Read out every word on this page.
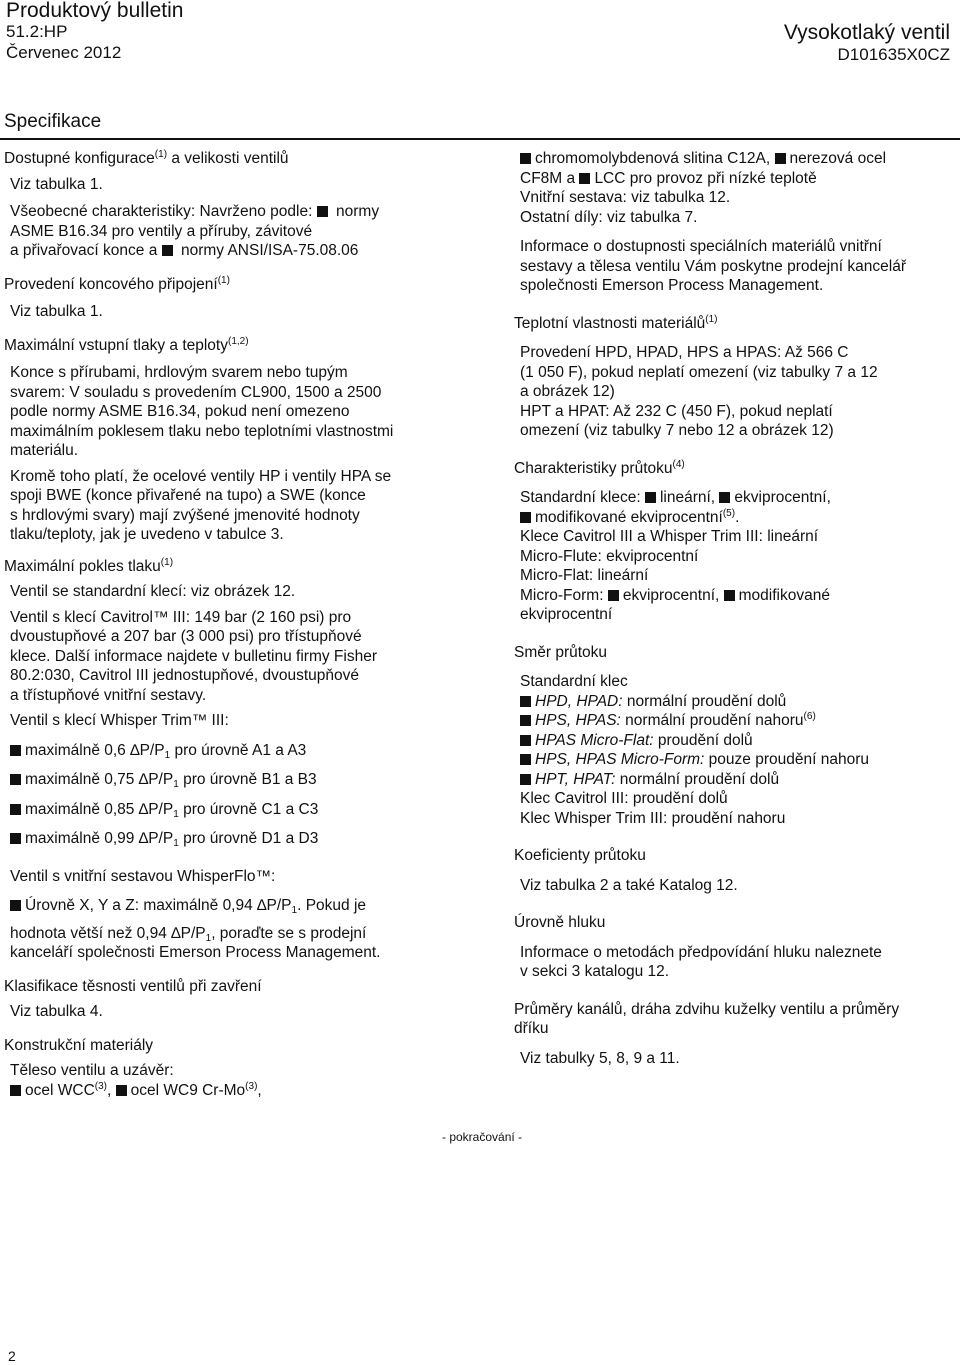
Produktový bulletin
51.2:HP
Červenec 2012
Vysokotlaký ventil
D101635X0CZ
Specifikace

Dostupné konfigurace$^{(1)}$ a velikosti ventilů

Viz tabulka 1.

Všeobecné charakteristiky: Navrženo podle:  normy

ASME B16.34 pro ventily a příruby, závitové

a přivařovací konce a  normy ANSI/ISA-75.08.06

Provedení koncového připojení$^{(1)}$

Viz tabulka 1.

Maximální vstupní tlaky a teploty$^{(1,2)}$

Konce s přírubami, hrdlovým svarem nebo tupým

svarem: V souladu s provedením CL900, 1500 a 2500

podle normy ASME B16.34, pokud není omezeno

maximálním poklesem tlaku nebo teplotními vlastnostmi

materiálu.

Kromě toho platí, že ocelové ventily HP i ventily HPA se

spoji BWE (konce přivařené na tupo) a SWE (konce

s hrdlovými svary) mají zvýšené jmenovité hodnoty

tlaku/teploty, jak je uvedeno v tabulce 3.

Maximální pokles tlaku$^{(1)}$

Ventil se standardní klecí: viz obrázek 12.

Ventil s klecí Cavitrol™ III: 149 bar (2 160 psi) pro

dvoustupňové a 207 bar (3 000 psi) pro třístupňové

klece. Další informace najdete v bulletinu firmy Fisher

80.2:030, Cavitrol III jednostupňové, dvoustupňové

a třístupňové vnitřní sestavy.

Ventil s klecí Whisper Trim™ III:

maximálně 0,6 $\Delta P/P_1$ pro úrovně A1 a A3

maximálně 0,75 $\Delta P/P_1$ pro úrovně B1 a B3

maximálně 0,85 $\Delta P/P_1$ pro úrovně C1 a C3

maximálně 0,99 $\Delta P/P_1$ pro úrovně D1 a D3

Ventil s vnitřní sestavou WhisperFlo™:

Úrovně X, Y a Z: maximálně 0,94 $\Delta P/P_1$. Pokud je

hodnota větší než 0,94 $\Delta P/P_1$, poraďte se s prodejní

kanceláří společnosti Emerson Process Management.

Klasifikace těsnosti ventilů při zavření

Viz tabulka 4.

Konstrukční materiály

Těleso ventilu a uzávěr:

ocel WCC$^{(3)}$, ocel WC9 Cr-Mo$^{(3)}$,

chromomolybdenová slitina C12A, nerezová ocel

CF8M a LCC pro provoz při nízké teplotě

Vnitřní sestava: viz tabulka 12.

Ostatní díly: viz tabulka 7.

Informace o dostupnosti speciálních materiálů vnitřní

sestavy a tělesa ventilu Vám poskytne prodejní kancelář

společnosti Emerson Process Management.

Teplotní vlastnosti materiálů$^{(1)}$

Provedení HPD, HPAD, HPS a HPAS: Až 566 C

(1 050 F), pokud neplatí omezení (viz tabulky 7 a 12

a obrázek 12)

HPT a HPAT: Až 232 C (450 F), pokud neplatí

omezení (viz tabulky 7 nebo 12 a obrázek 12)

Charakteristiky průtoku$^{(4)}$

Standardní klece: lineární, ekviprocentní,

modifikované ekviprocentní$^{(5)}$.

Klece Cavitrol III a Whisper Trim III: lineární

Micro-Flute: ekviprocentní

Micro-Flat: lineární

Micro-Form: ekviprocentní, modifikované

ekviprocentní

Směr průtoku

Standardní klec

HPD, HPAD: normální proudění dolů

HPS, HPAS: normální proudění nahoru$^{(6)}$

HPAS Micro-Flat: proudění dolů

HPS, HPAS Micro-Form: pouze proudění nahoru

HPT, HPAT: normální proudění dolů

Klec Cavitrol III: proudění dolů

Klec Whisper Trim III: proudění nahoru

Koeficienty průtoku

Viz tabulka 2 a také Katalog 12.

Úrovně hluku

Informace o metodách předpovídání hluku naleznete

v sekci 3 katalogu 12.

Průměry kanálů, dráha zdvihu kuželky ventilu a průměry

dříku

Viz tabulky 5, 8, 9 a 11.

- pokračování -
2
